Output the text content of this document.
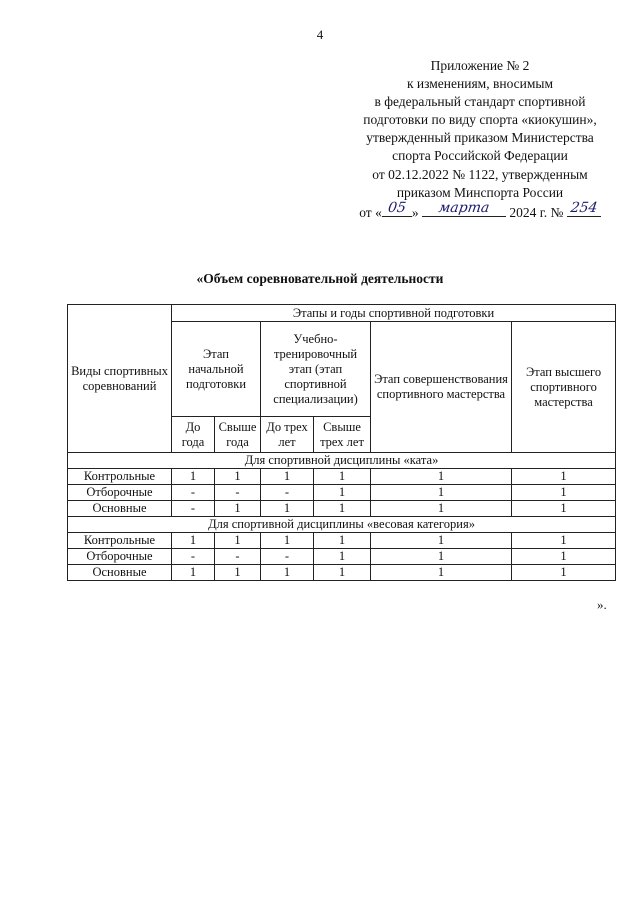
4
Приложение № 2
к изменениям, вносимым
в федеральный стандарт спортивной
подготовки по виду спорта «киокушин»,
утвержденный приказом Министерства
спорта Российской Федерации
от 02.12.2022 № 1122, утвержденным
приказом Минспорта России
от « 05 »	марта	2024 г. № 254
«Объем соревновательной деятельности
Виды спортивных соревнований	Этапы и годы спортивной подготовки					
	Этап начальной подготовки		Учебно-тренировочный этап (этап спортивной специализации)		Этап совершенствования спортивного мастерства	Этап высшего спортивного мастерства
	До года	Свыше года	До трех лет	Свыше трех лет		
Для спортивной дисциплины «ката»						
Контрольные	1	1	1	1	1	1
Отборочные	-	-	-	1	1	1
Основные	-	1	1	1	1	1
Для спортивной дисциплины «весовая категория»						
Контрольные	1	1	1	1	1	1
Отборочные	-	-	-	1	1	1
Основные	1	1	1	1	1	1
».
